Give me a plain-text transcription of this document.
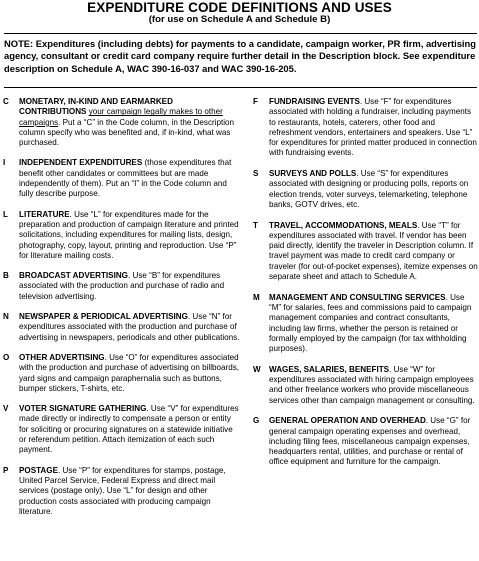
EXPENDITURE CODE DEFINITIONS AND USES
(for use on Schedule A and Schedule B)

NOTE: Expenditures (including debts) for payments to a candidate, campaign worker, PR firm, advertising agency, consultant or credit card company require further detail in the Description block. See expenditure description on Schedule A, WAC 390-16-037 and WAC 390-16-205.

C	MONETARY, IN-KIND AND EARMARKED CONTRIBUTIONS your campaign legally makes to other campaigns. Put a “C” in the Code column, in the Description column specify who was benefited and, if in-kind, what was purchased.
I	INDEPENDENT EXPENDITURES (those expenditures that benefit other candidates or committees but are made independently of them). Put an “I” in the Code column and fully describe purpose.
L	LITERATURE. Use “L” for expenditures made for the preparation and production of campaign literature and printed solicitations, including expenditures for mailing lists, design, photography, copy, layout, printing and reproduction. Use “P” for literature mailing costs.
B	BROADCAST ADVERTISING. Use “B” for expenditures associated with the production and purchase of radio and television advertising.
N	NEWSPAPER & PERIODICAL ADVERTISING. Use “N” for expenditures associated with the production and purchase of advertising in newspapers, periodicals and other publications.
O	OTHER ADVERTISING. Use “O” for expenditures associated with the production and purchase of advertising on billboards, yard signs and campaign paraphernalia such as buttons, bumper stickers, T-shirts, etc.
V	VOTER SIGNATURE GATHERING. Use “V” for expenditures made directly or indirectly to compensate a person or entity for soliciting or procuring signatures on a statewide initiative or referendum petition. Attach itemization of each such payment.
P	POSTAGE. Use “P” for expenditures for stamps, postage, United Parcel Service, Federal Express and direct mail services (postage only). Use “L” for design and other production costs associated with producing campaign literature.
F	FUNDRAISING EVENTS. Use “F” for expenditures associated with holding a fundraiser, including payments to restaurants, hotels, caterers, other food and refreshment vendors, entertainers and speakers. Use “L” for expenditures for printed matter produced in connection with fundraising events.
S	SURVEYS AND POLLS. Use “S” for expenditures associated with designing or producing polls, reports on election trends, voter surveys, telemarketing, telephone banks, GOTV drives, etc.
T	TRAVEL, ACCOMMODATIONS, MEALS. Use “T” for expenditures associated with travel. If vendor has been paid directly, identify the traveler in Description column. If travel payment was made to credit card company or traveler (for out-of-pocket expenses), itemize expenses on separate sheet and attach to Schedule A.
M	MANAGEMENT AND CONSULTING SERVICES. Use “M” for salaries, fees and commissions paid to campaign management companies and contract consultants, including law firms, whether the person is retained or formally employed by the campaign (for tax withholding purposes).
W	WAGES, SALARIES, BENEFITS. Use “W” for expenditures associated with hiring campaign employees and other freelance workers who provide miscellaneous services other than campaign management or consulting.
G	GENERAL OPERATION AND OVERHEAD. Use “G” for general campaign operating expenses and overhead, including filing fees, miscellaneous campaign expenses, headquarters rental, utilities, and purchase or rental of office equipment and furniture for the campaign.
